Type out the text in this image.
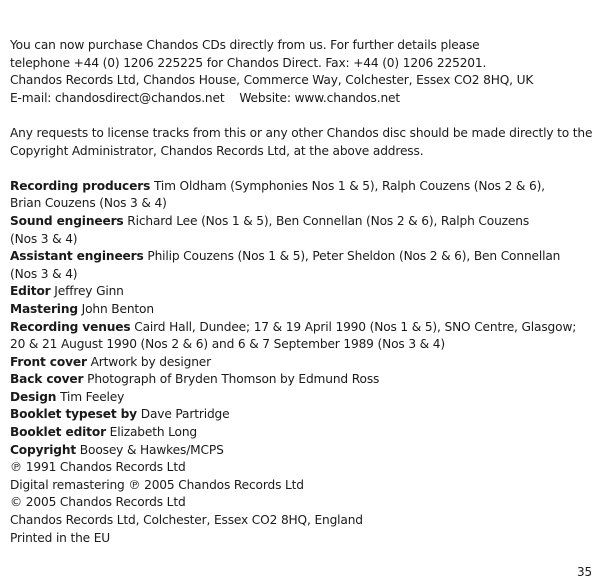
You can now purchase Chandos CDs directly from us. For further details please
telephone +44 (0) 1206 225225 for Chandos Direct. Fax: +44 (0) 1206 225201.
Chandos Records Ltd, Chandos House, Commerce Way, Colchester, Essex CO2 8HQ, UK
E-mail: chandosdirect@chandos.net Website: www.chandos.net
Any requests to license tracks from this or any other Chandos disc should be made directly to the
Copyright Administrator, Chandos Records Ltd, at the above address.
Recording producers Tim Oldham (Symphonies Nos 1 & 5), Ralph Couzens (Nos 2 & 6),
Brian Couzens (Nos 3 & 4)
Sound engineers Richard Lee (Nos 1 & 5), Ben Connellan (Nos 2 & 6), Ralph Couzens
(Nos 3 & 4)
Assistant engineers Philip Couzens (Nos 1 & 5), Peter Sheldon (Nos 2 & 6), Ben Connellan
(Nos 3 & 4)
Editor Jeffrey Ginn
Mastering John Benton
Recording venues Caird Hall, Dundee; 17 & 19 April 1990 (Nos 1 & 5), SNO Centre, Glasgow;
20 & 21 August 1990 (Nos 2 & 6) and 6 & 7 September 1989 (Nos 3 & 4)
Front cover Artwork by designer
Back cover Photograph of Bryden Thomson by Edmund Ross
Design Tim Feeley
Booklet typeset by Dave Partridge
Booklet editor Elizabeth Long
Copyright Boosey & Hawkes/MCPS
℗ 1991 Chandos Records Ltd
Digital remastering ℗ 2005 Chandos Records Ltd
© 2005 Chandos Records Ltd
Chandos Records Ltd, Colchester, Essex CO2 8HQ, England
Printed in the EU
35
